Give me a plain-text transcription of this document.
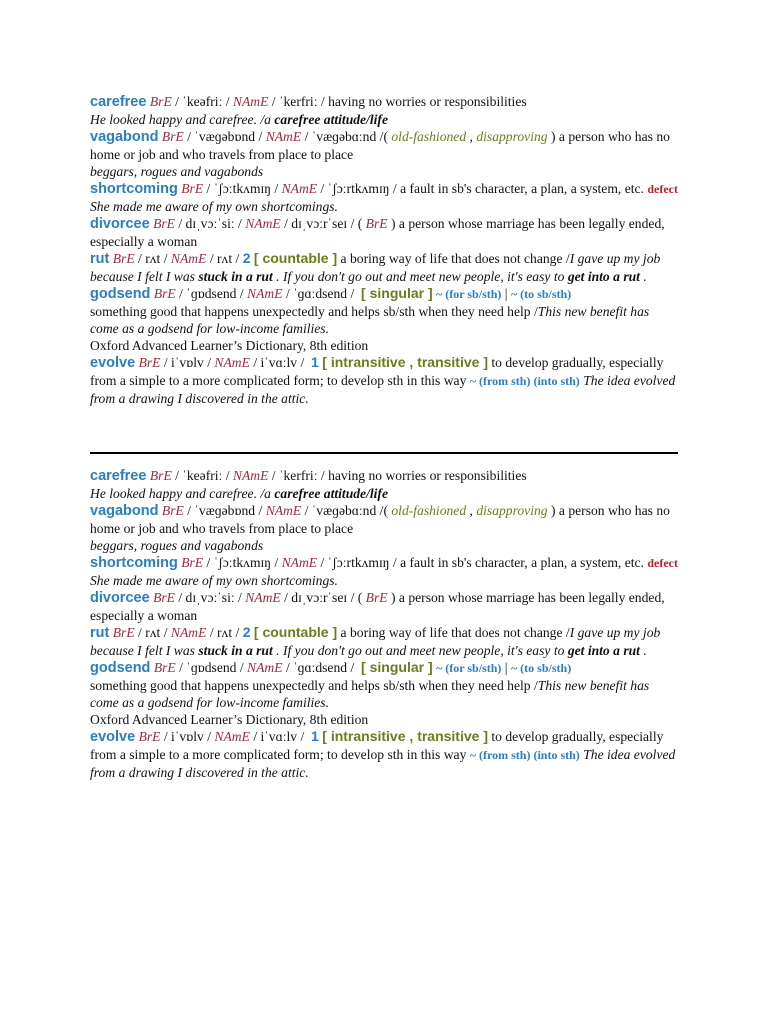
carefree BrE / ˈkeəfriː / NAmE / ˈkerfriː / having no worries or responsibilities

He looked happy and carefree. /a carefree attitude/life

vagabond BrE / ˈvæɡəbɒnd / NAmE / ˈvæɡəbɑːnd /( old-fashioned , disapproving ) a person who has no home or job and who travels from place to place

beggars, rogues and vagabonds

shortcoming BrE / ˈʃɔːtkʌmɪŋ / NAmE / ˈʃɔːrtkʌmɪŋ / a fault in sb's character, a plan, a system, etc. defect She made me aware of my own shortcomings.

divorcee BrE / dɪˌvɔːˈsiː / NAmE / dɪˌvɔːrˈseɪ / ( BrE ) a person whose marriage has been legally ended, especially a woman

rut BrE / rʌt / NAmE / rʌt / 2 [ countable ] a boring way of life that does not change /I gave up my job because I felt I was stuck in a rut . If you don't go out and meet new people, it's easy to get into a rut .

godsend BrE / ˈɡɒdsend / NAmE / ˈɡɑːdsend /  [ singular ] ~ (for sb/sth) | ~ (to sb/sth)
something good that happens unexpectedly and helps sb/sth when they need help /This new benefit has come as a godsend for low-income families.

Oxford Advanced Learner’s Dictionary, 8th edition

evolve BrE / iˈvɒlv / NAmE / iˈvɑːlv /  1 [ intransitive , transitive ] to develop gradually, especially from a simple to a more complicated form; to develop sth in this way ~ (from sth) (into sth) The idea evolved from a drawing I discovered in the attic.

carefree BrE / ˈkeəfriː / NAmE / ˈkerfriː / having no worries or responsibilities

He looked happy and carefree. /a carefree attitude/life

vagabond BrE / ˈvæɡəbɒnd / NAmE / ˈvæɡəbɑːnd /( old-fashioned , disapproving ) a person who has no home or job and who travels from place to place

beggars, rogues and vagabonds

shortcoming BrE / ˈʃɔːtkʌmɪŋ / NAmE / ˈʃɔːrtkʌmɪŋ / a fault in sb's character, a plan, a system, etc. defect She made me aware of my own shortcomings.

divorcee BrE / dɪˌvɔːˈsiː / NAmE / dɪˌvɔːrˈseɪ / ( BrE ) a person whose marriage has been legally ended, especially a woman

rut BrE / rʌt / NAmE / rʌt / 2 [ countable ] a boring way of life that does not change /I gave up my job because I felt I was stuck in a rut . If you don't go out and meet new people, it's easy to get into a rut .

godsend BrE / ˈɡɒdsend / NAmE / ˈɡɑːdsend /  [ singular ] ~ (for sb/sth) | ~ (to sb/sth)
something good that happens unexpectedly and helps sb/sth when they need help /This new benefit has come as a godsend for low-income families.

Oxford Advanced Learner’s Dictionary, 8th edition

evolve BrE / iˈvɒlv / NAmE / iˈvɑːlv /  1 [ intransitive , transitive ] to develop gradually, especially from a simple to a more complicated form; to develop sth in this way ~ (from sth) (into sth) The idea evolved from a drawing I discovered in the attic.
